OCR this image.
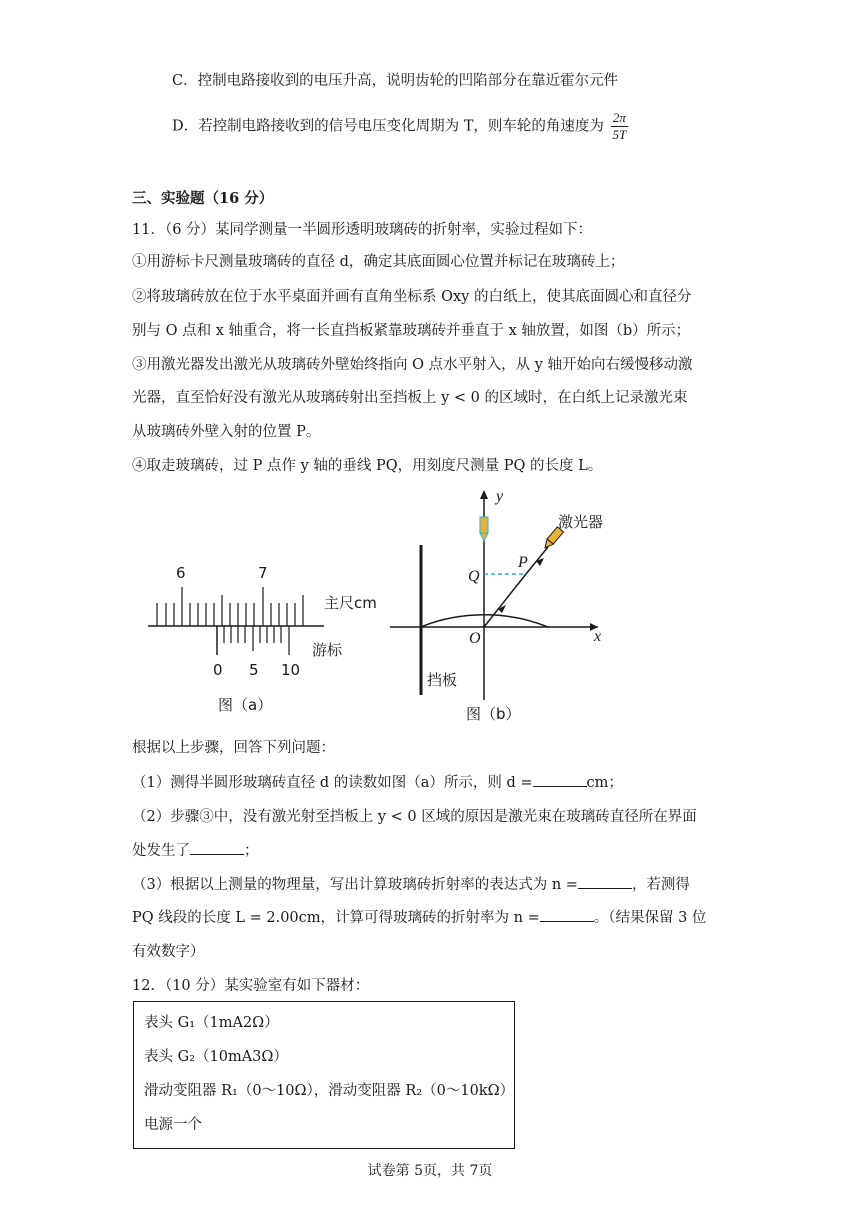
C．控制电路接收到的电压升高，说明齿轮的凹陷部分在靠近霍尔元件
D．若控制电路接收到的信号电压变化周期为 T，则车轮的角速度为 $\frac{2\pi}{5T}$
三、实验题（16 分）
11．（6 分）某同学测量一半圆形透明玻璃砖的折射率，实验过程如下：
①用游标卡尺测量玻璃砖的直径 d，确定其底面圆心位置并标记在玻璃砖上；
②将玻璃砖放在位于水平桌面并画有直角坐标系 Oxy 的白纸上，使其底面圆心和直径分
别与 O 点和 x 轴重合，将一长直挡板紧靠玻璃砖并垂直于 x 轴放置，如图（b）所示；
③用激光器发出激光从玻璃砖外壁始终指向 O 点水平射入，从 y 轴开始向右缓慢移动激
光器，直至恰好没有激光从玻璃砖射出至挡板上 y < 0 的区域时，在白纸上记录激光束
从玻璃砖外壁入射的位置 P。
④取走玻璃砖，过 P 点作 y 轴的垂线 PQ，用刻度尺测量 PQ 的长度 L。
6	7
主尺cm
0 5 10
游标
图（a）
y
x
O
P
Q
激光器
挡板
图（b）
根据以上步骤，回答下列问题：
（1）测得半圆形玻璃砖直径 d 的读数如图（a）所示，则 d =	cm；
（2）步骤③中，没有激光射至挡板上 y < 0 区域的原因是激光束在玻璃砖直径所在界面
处发生了	；
（3）根据以上测量的物理量，写出计算玻璃砖折射率的表达式为 n =	，若测得
PQ 线段的长度 L = 2.00cm，计算可得玻璃砖的折射率为 n =	。（结果保留 3 位
有效数字）
12．（10 分）某实验室有如下器材：
表头 G₁（1mA2Ω）
表头 G₂（10mA3Ω）
滑动变阻器 R₁（0～10Ω），滑动变阻器 R₂（0～10kΩ）
电源一个
试卷第 5页，共 7页
